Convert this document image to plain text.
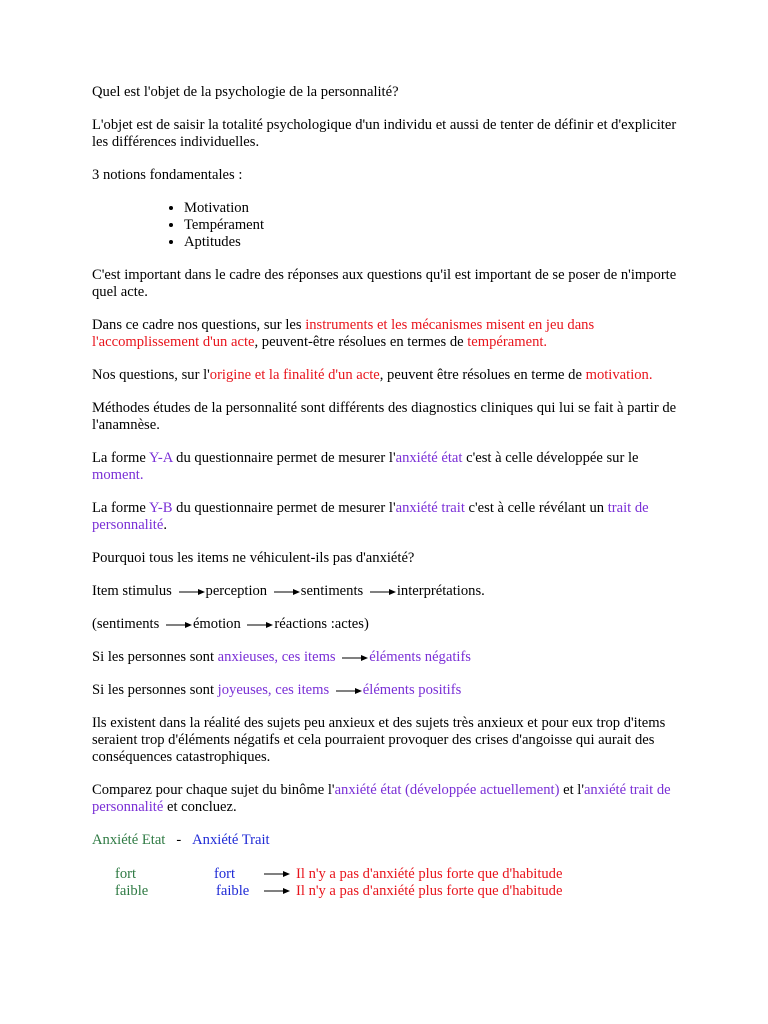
Quel est l'objet de la psychologie de la personnalité?

L'objet est de saisir la totalité psychologique d'un individu et aussi de tenter de définir et d'expliciter les différences individuelles.

3 notions fondamentales :

• Motivation
• Tempérament
• Aptitudes

C'est important dans le cadre des réponses aux questions qu'il est important de se poser de n'importe quel acte.

Dans ce cadre nos questions, sur les instruments et les mécanismes misent en jeu dans l'accomplissement d'un acte, peuvent-être résolues en termes de tempérament.

Nos questions, sur l'origine et la finalité d'un acte, peuvent être résolues en terme de motivation.

Méthodes études de la personnalité sont différents des diagnostics cliniques qui lui se fait à partir de l'anamnèse.

La forme Y-A du questionnaire permet de mesurer l'anxiété état c'est à celle développée sur le moment.

La forme Y-B du questionnaire permet de mesurer l'anxiété trait c'est à celle révélant un trait de personnalité.

Pourquoi tous les items ne véhiculent-ils pas d'anxiété?

Item stimulus
perception
sentiments
interprétations.

(sentiments
émotion
réactions :actes)

Si les personnes sont anxieuses, ces items
éléments négatifs

Si les personnes sont joyeuses, ces items
éléments positifs

Ils existent dans la réalité des sujets peu anxieux et des sujets très anxieux et pour eux trop d'items seraient trop d'éléments négatifs et cela pourraient provoquer des crises d'angoisse qui aurait des conséquences catastrophiques.

Comparez pour chaque sujet du binôme l'anxiété état (développée actuellement) et l'anxiété trait de personnalité et concluez.

Anxiété Etat - Anxiété Trait

fort	fort	Il n'y a pas d'anxiété plus forte que d'habitude
faible	faible	Il n'y a pas d'anxiété plus forte que d'habitude
